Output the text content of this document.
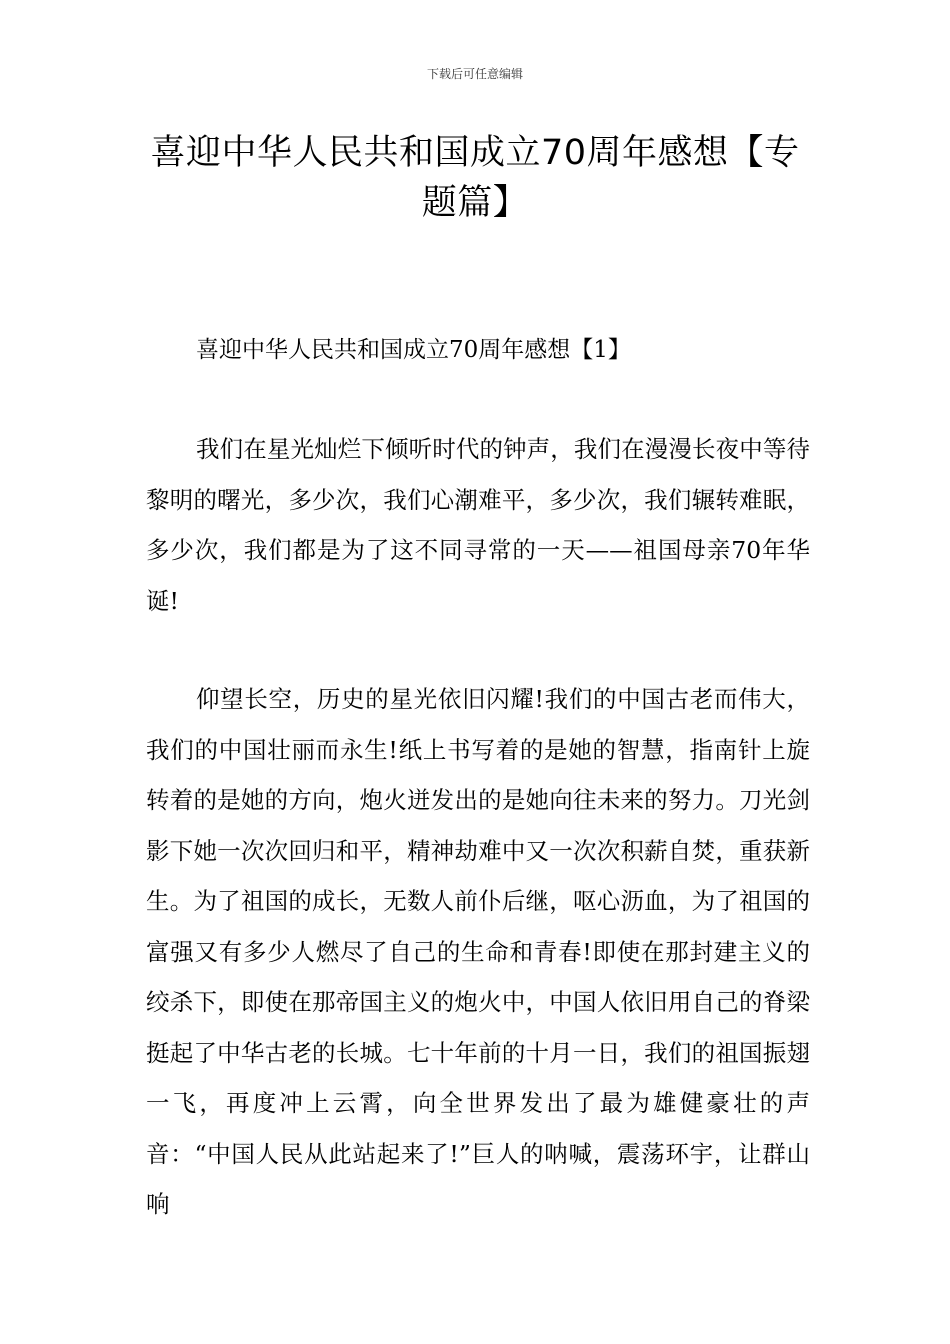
下载后可任意编辑
喜迎中华人民共和国成立70周年感想【专题篇】
喜迎中华人民共和国成立70周年感想【1】

我们在星光灿烂下倾听时代的钟声，我们在漫漫长夜中等待黎明的曙光，多少次，我们心潮难平，多少次，我们辗转难眠，多少次，我们都是为了这不同寻常的一天——祖国母亲70年华诞!

仰望长空，历史的星光依旧闪耀!我们的中国古老而伟大，我们的中国壮丽而永生!纸上书写着的是她的智慧，指南针上旋转着的是她的方向，炮火迸发出的是她向往未来的努力。刀光剑影下她一次次回归和平，精神劫难中又一次次积薪自焚，重获新生。为了祖国的成长，无数人前仆后继，呕心沥血，为了祖国的富强又有多少人燃尽了自己的生命和青春!即使在那封建主义的绞杀下，即使在那帝国主义的炮火中，中国人依旧用自己的脊梁挺起了中华古老的长城。七十年前的十月一日，我们的祖国振翅一飞，再度冲上云霄，向全世界发出了最为雄健豪壮的声音：“中国人民从此站起来了!”巨人的呐喊，震荡环宇，让群山响
